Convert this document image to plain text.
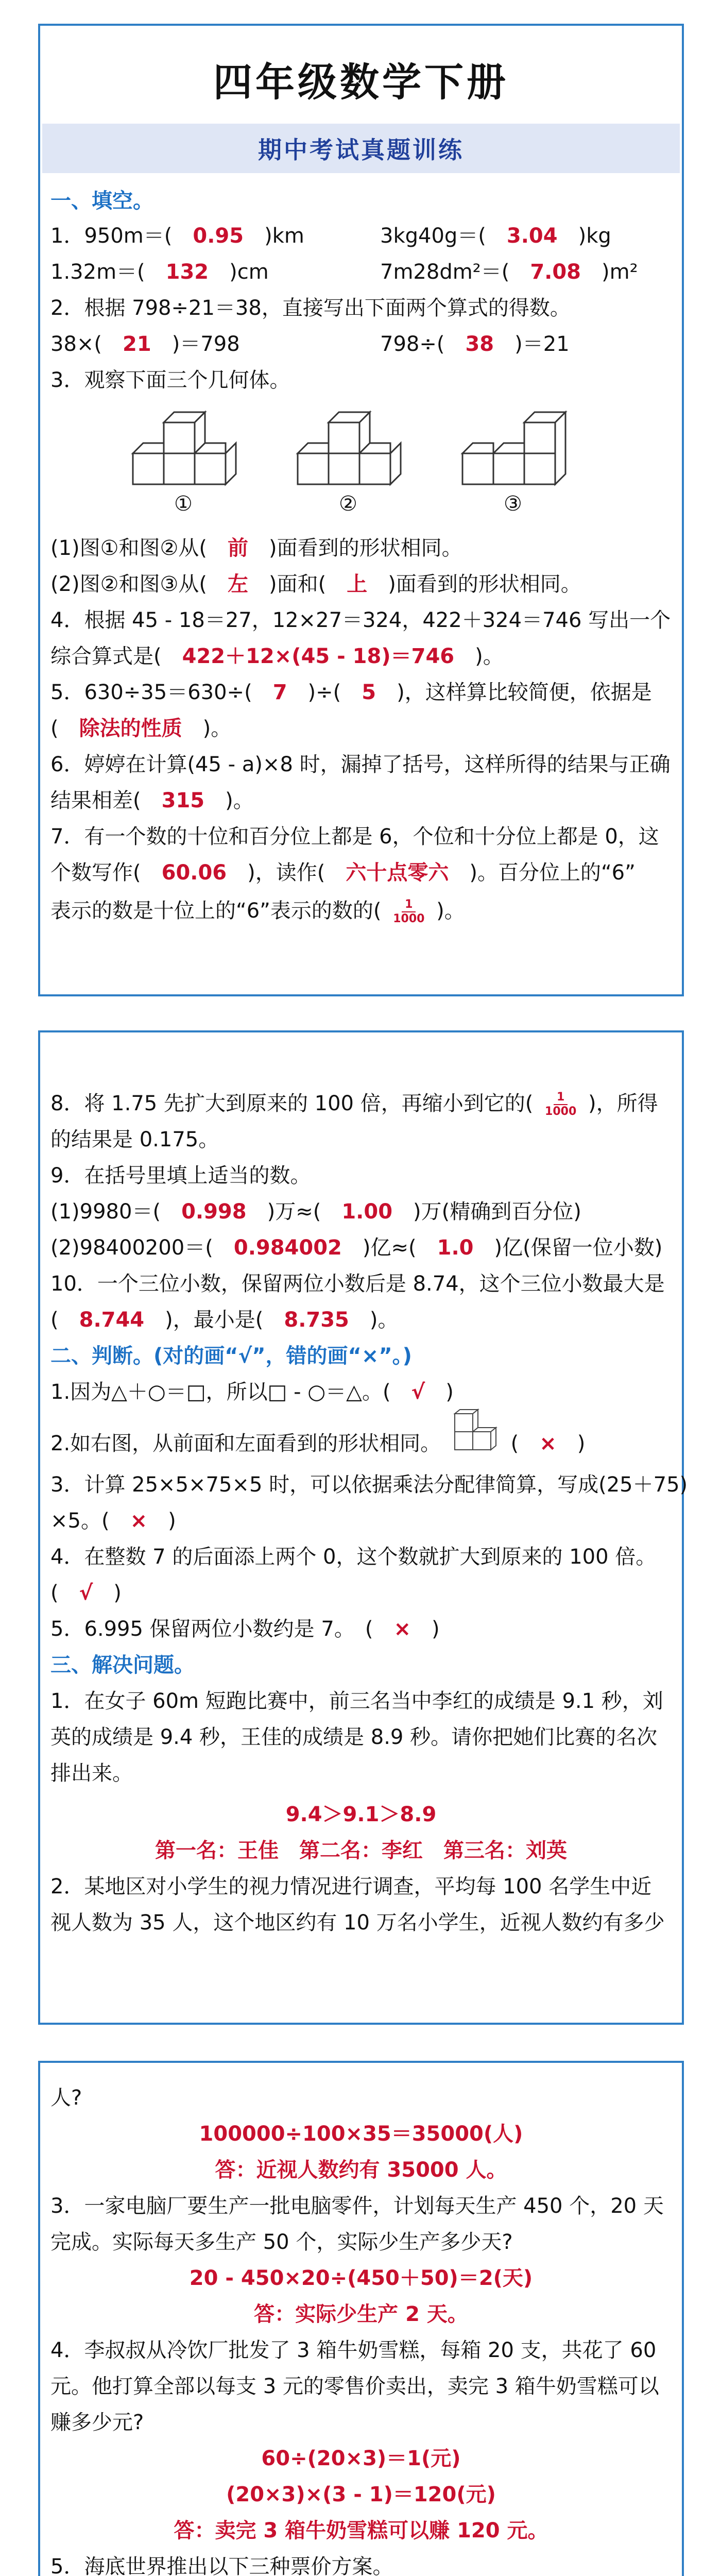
四年级数学下册
期中考试真题训练
一、填空。
1．950m＝(　 0.95　 )km	3kg40g＝(　 3.04　 )kg
1.32m＝(　 132　 )cm	7m28dm²＝(　 7.08　 )m²
2．根据 798÷21＝38，直接写出下面两个算式的得数。
38×(　 21　 )＝798	798÷(　 38　 )＝21
3．观察下面三个几何体。
①	②	③
(1)图①和图②从(　 前　 )面看到的形状相同。
(2)图②和图③从(　 左　 )面和(　 上　 )面看到的形状相同。
4．根据 45 - 18＝27，12×27＝324，422＋324＝746 写出一个
综合算式是(　 422＋12×(45 - 18)＝746　 )。
5．630÷35＝630÷(　 7　 )÷(　 5　 )，这样算比较简便，依据是
(　 除法的性质　 )。
6．婷婷在计算(45 - a)×8 时，漏掉了括号，这样所得的结果与正确
结果相差(　 315　 )。
7．有一个数的十位和百分位上都是 6，个位和十分位上都是 0，这
个数写作(　 60.06　 )，读作(　 六十点零六　 )。百分位上的“6”
表示的数是十位上的“6”表示的数的( $\frac{1}{1000}$ )。
8．将 1.75 先扩大到原来的 100 倍，再缩小到它的( $\frac{1}{1000}$ )，所得
的结果是 0.175。
9．在括号里填上适当的数。
(1)9980＝(　 0.998　 )万≈(　 1.00　 )万(精确到百分位)
(2)98400200＝(　 0.984002　 )亿≈(　 1.0　 )亿(保留一位小数)
10．一个三位小数，保留两位小数后是 8.74，这个三位小数最大是
(　 8.744　 )，最小是(　 8.735　 )。
二、判断。(对的画“√”，错的画“×”。)
1.因为△＋○＝□，所以□ - ○＝△。(　 √　 )
2.如右图，从前面和左面看到的形状相同。	(　×　)
3．计算 25×5×75×5 时，可以依据乘法分配律简算，写成(25＋75)
×5。(　 ×　 )
4．在整数 7 的后面添上两个 0，这个数就扩大到原来的 100 倍。
(　 √　 )
5．6.995 保留两位小数约是 7。　(　×　)
三、解决问题。
1．在女子 60m 短跑比赛中，前三名当中李红的成绩是 9.1 秒，刘
英的成绩是 9.4 秒，王佳的成绩是 8.9 秒。请你把她们比赛的名次
排出来。
9.4＞9.1＞8.9
第一名：王佳　第二名：李红　第三名：刘英
2．某地区对小学生的视力情况进行调查，平均每 100 名学生中近
视人数为 35 人，这个地区约有 10 万名小学生，近视人数约有多少
人?
100000÷100×35＝35000(人)
答：近视人数约有 35000 人。
3．一家电脑厂要生产一批电脑零件，计划每天生产 450 个，20 天
完成。实际每天多生产 50 个，实际少生产多少天?
20 - 450×20÷(450＋50)＝2(天)
答：实际少生产 2 天。
4．李叔叔从冷饮厂批发了 3 箱牛奶雪糕，每箱 20 支，共花了 60
元。他打算全部以每支 3 元的零售价卖出，卖完 3 箱牛奶雪糕可以
赚多少元?
60÷(20×3)＝1(元)
(20×3)×(3 - 1)＝120(元)
答：卖完 3 箱牛奶雪糕可以赚 120 元。
5．海底世界推出以下三种票价方案。
